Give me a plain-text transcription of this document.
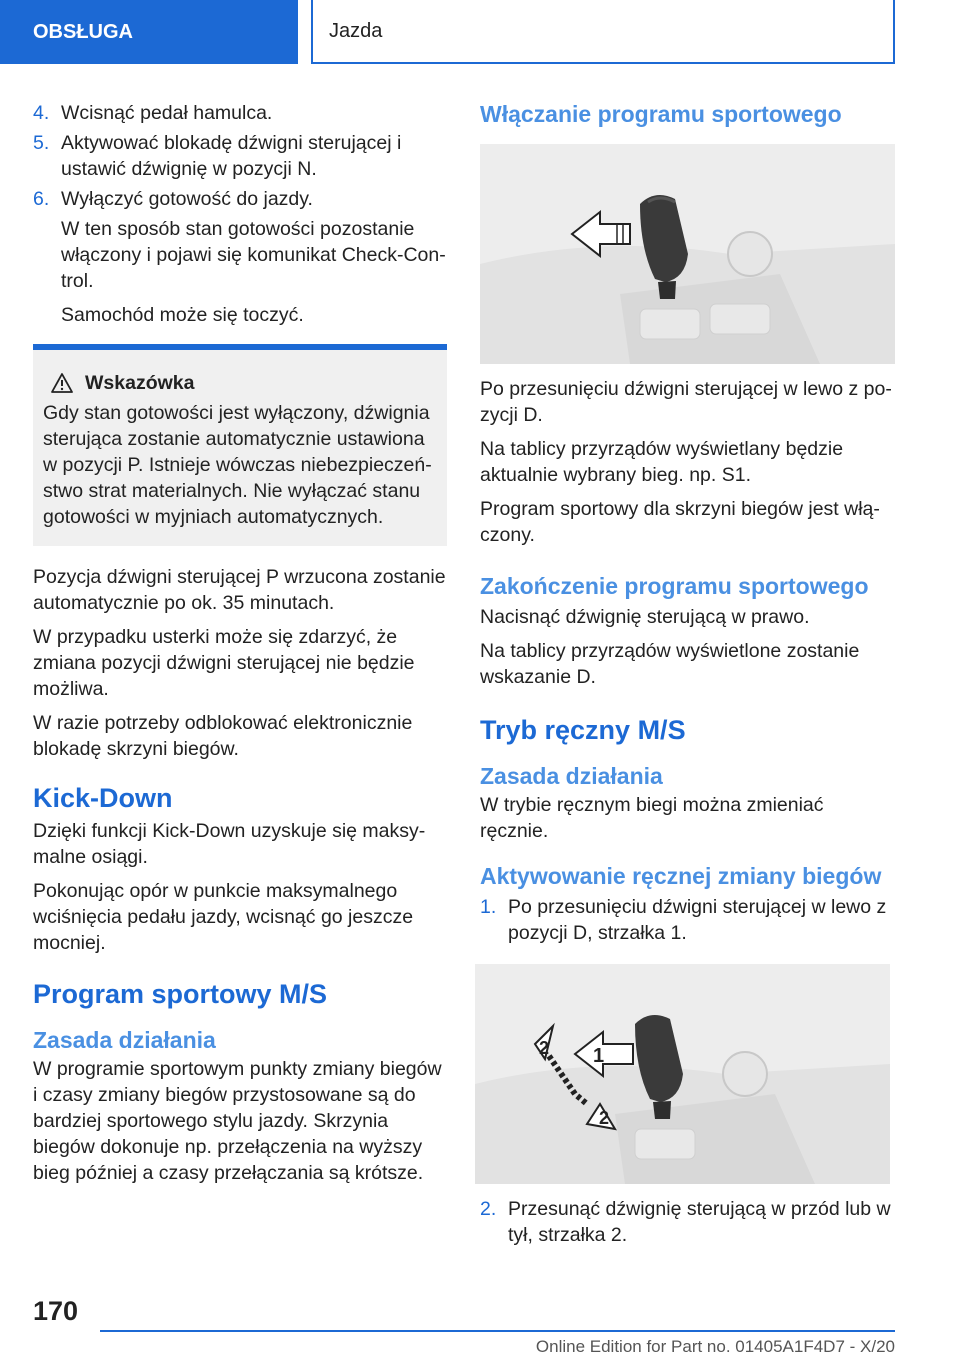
OBSŁUGA	Jazda
4. Wcisnąć pedał hamulca.
5. Aktywować blokadę dźwigni sterującej i ustawić dźwignię w pozycji N.
6. Wyłączyć gotowość do jazdy.

W ten sposób stan gotowości pozostanie włączony i pojawi się komunikat Check-Control.

Samochód może się toczyć.

Wskazówka
Gdy stan gotowości jest wyłączony, dźwignia sterująca zostanie automatycznie ustawiona w pozycji P. Istnieje wówczas niebezpieczeństwo strat materialnych. Nie wyłączać stanu gotowości w myjniach automatycznych.

Pozycja dźwigni sterującej P wrzucona zostanie automatycznie po ok. 35 minutach.

W przypadku usterki może się zdarzyć, że zmiana pozycji dźwigni sterującej nie będzie możliwa.

W razie potrzeby odblokować elektronicznie blokadę skrzyni biegów.

Kick-Down

Dzięki funkcji Kick-Down uzyskuje się maksymalne osiągi.

Pokonując opór w punkcie maksymalnego wciśnięcia pedału jazdy, wcisnąć go jeszcze mocniej.

Program sportowy M/S
Zasada działania

W programie sportowym punkty zmiany biegów i czasy zmiany biegów przystosowane są do bardziej sportowego stylu jazdy. Skrzynia biegów dokonuje np. przełączenia na wyższy bieg później a czasy przełączania są krótsze.

Włączanie programu sportowego

Po przesunięciu dźwigni sterującej w lewo z pozycji D.

Na tablicy przyrządów wyświetlany będzie aktualnie wybrany bieg. np. S1.

Program sportowy dla skrzyni biegów jest włączony.

Zakończenie programu sportowego

Nacisnąć dźwignię sterującą w prawo.

Na tablicy przyrządów wyświetlone zostanie wskazanie D.

Tryb ręczny M/S
Zasada działania

W trybie ręcznym biegi można zmieniać ręcznie.

Aktywowanie ręcznej zmiany biegów
1. Po przesunięciu dźwigni sterującej w lewo z pozycji D, strzałka 1.
1
2
2
2. Przesunąć dźwignię sterującą w przód lub w tył, strzałka 2.
170
Online Edition for Part no. 01405A1F4D7 - X/20
